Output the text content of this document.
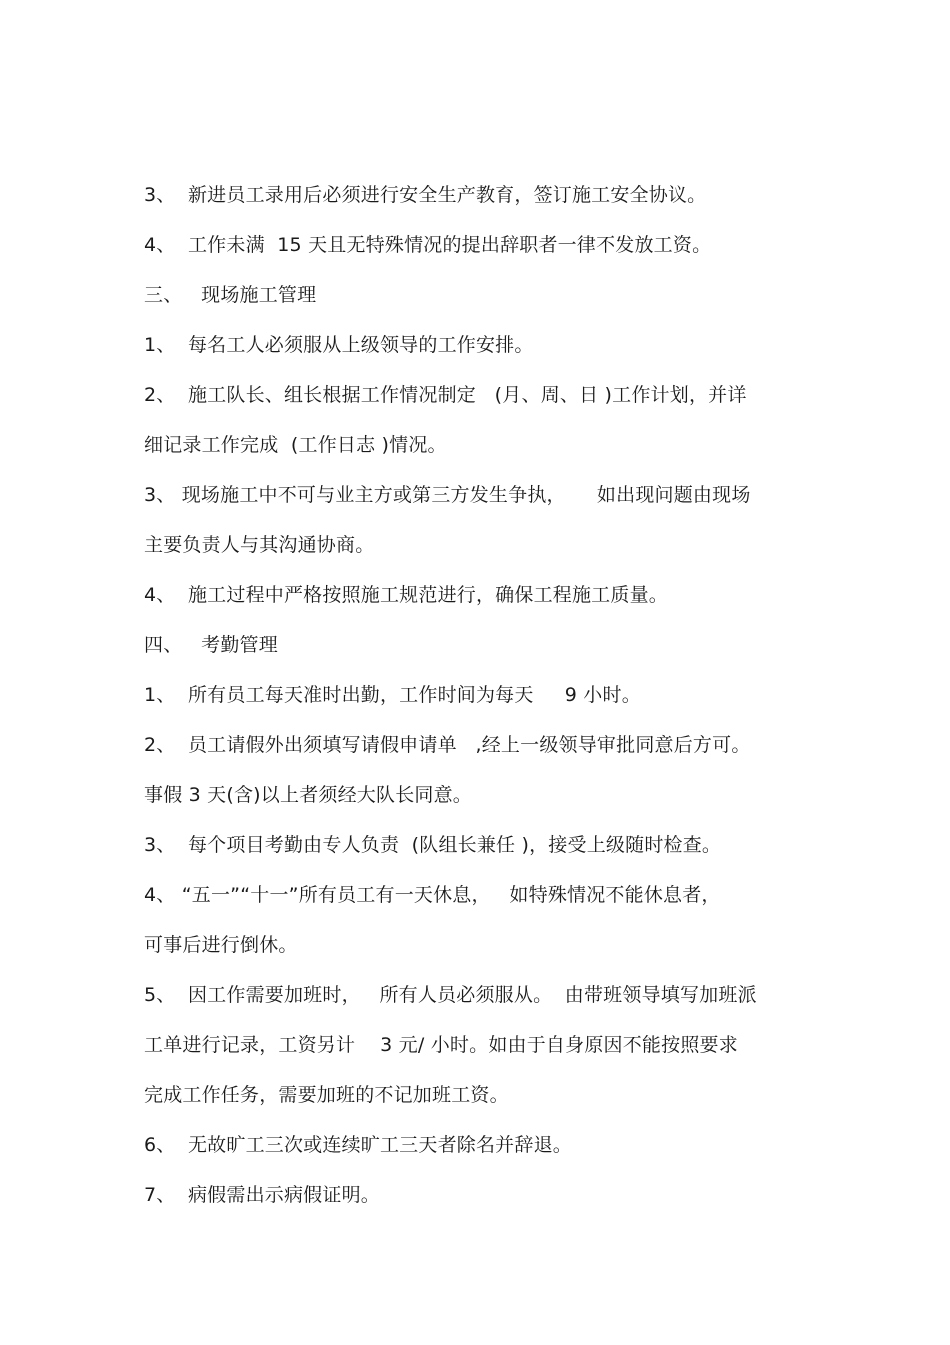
3、  新进员工录用后必须进行安全生产教育，签订施工安全协议。
4、  工作未满  15 天且无特殊情况的提出辞职者一律不发放工资。
三、   现场施工管理
1、  每名工人必须服从上级领导的工作安排。
2、  施工队长、组长根据工作情况制定   (月、周、日 )工作计划，并详
细记录工作完成  (工作日志 )情况。
3、 现场施工中不可与业主方或第三方发生争执，     如出现问题由现场
主要负责人与其沟通协商。
4、  施工过程中严格按照施工规范进行，确保工程施工质量。
四、   考勤管理
1、  所有员工每天准时出勤，工作时间为每天     9 小时。
2、  员工请假外出须填写请假申请单   ,经上一级领导审批同意后方可。
事假 3 天(含)以上者须经大队长同意。
3、  每个项目考勤由专人负责  (队组长兼任 )，接受上级随时检查。
4、 “五一”“十一”所有员工有一天休息，   如特殊情况不能休息者，
可事后进行倒休。
5、  因工作需要加班时，   所有人员必须服从。  由带班领导填写加班派
工单进行记录，工资另计    3 元/ 小时。如由于自身原因不能按照要求
完成工作任务，需要加班的不记加班工资。
6、  无故旷工三次或连续旷工三天者除名并辞退。
7、  病假需出示病假证明。
